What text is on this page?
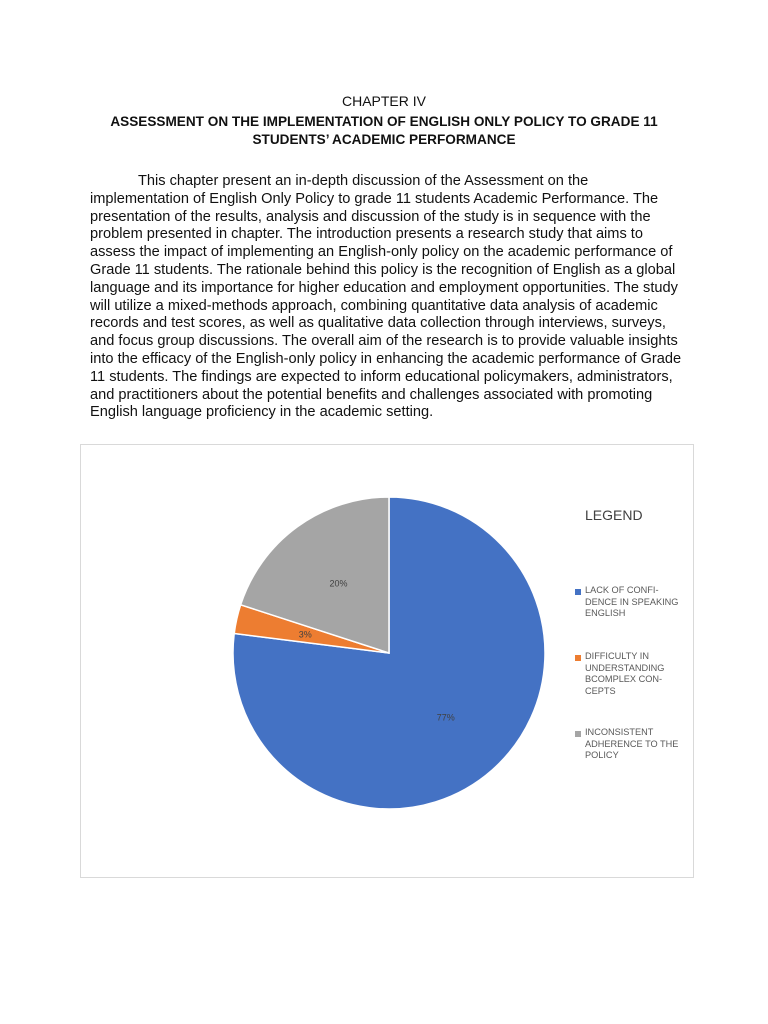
CHAPTER IV
ASSESSMENT ON THE IMPLEMENTATION OF ENGLISH ONLY POLICY TO GRADE 11 STUDENTS’ ACADEMIC PERFORMANCE

This chapter present an in-depth discussion of the Assessment on the implementation of English Only Policy to grade 11 students Academic Performance. The presentation of the results, analysis and discussion of the study is in sequence with the problem presented in chapter. The introduction presents a research study that aims to assess the impact of implementing an English-only policy on the academic performance of Grade 11 students. The rationale behind this policy is the recognition of English as a global language and its importance for higher education and employment opportunities. The study will utilize a mixed-methods approach, combining quantitative data analysis of academic records and test scores, as well as qualitative data collection through interviews, surveys, and focus group discussions. The overall aim of the research is to provide valuable insights into the efficacy of the English-only policy in enhancing the academic performance of Grade 11 students. The findings are expected to inform educational policymakers, administrators, and practitioners about the potential benefits and challenges associated with promoting English language proficiency in the academic setting.

77%
3%
20%
LEGEND
LACK OF CONFI-DENCE IN SPEAKING ENGLISH
DIFFICULTY IN UNDERSTANDING BCOMPLEX CON-CEPTS
INCONSISTENT ADHERENCE TO THE POLICY
